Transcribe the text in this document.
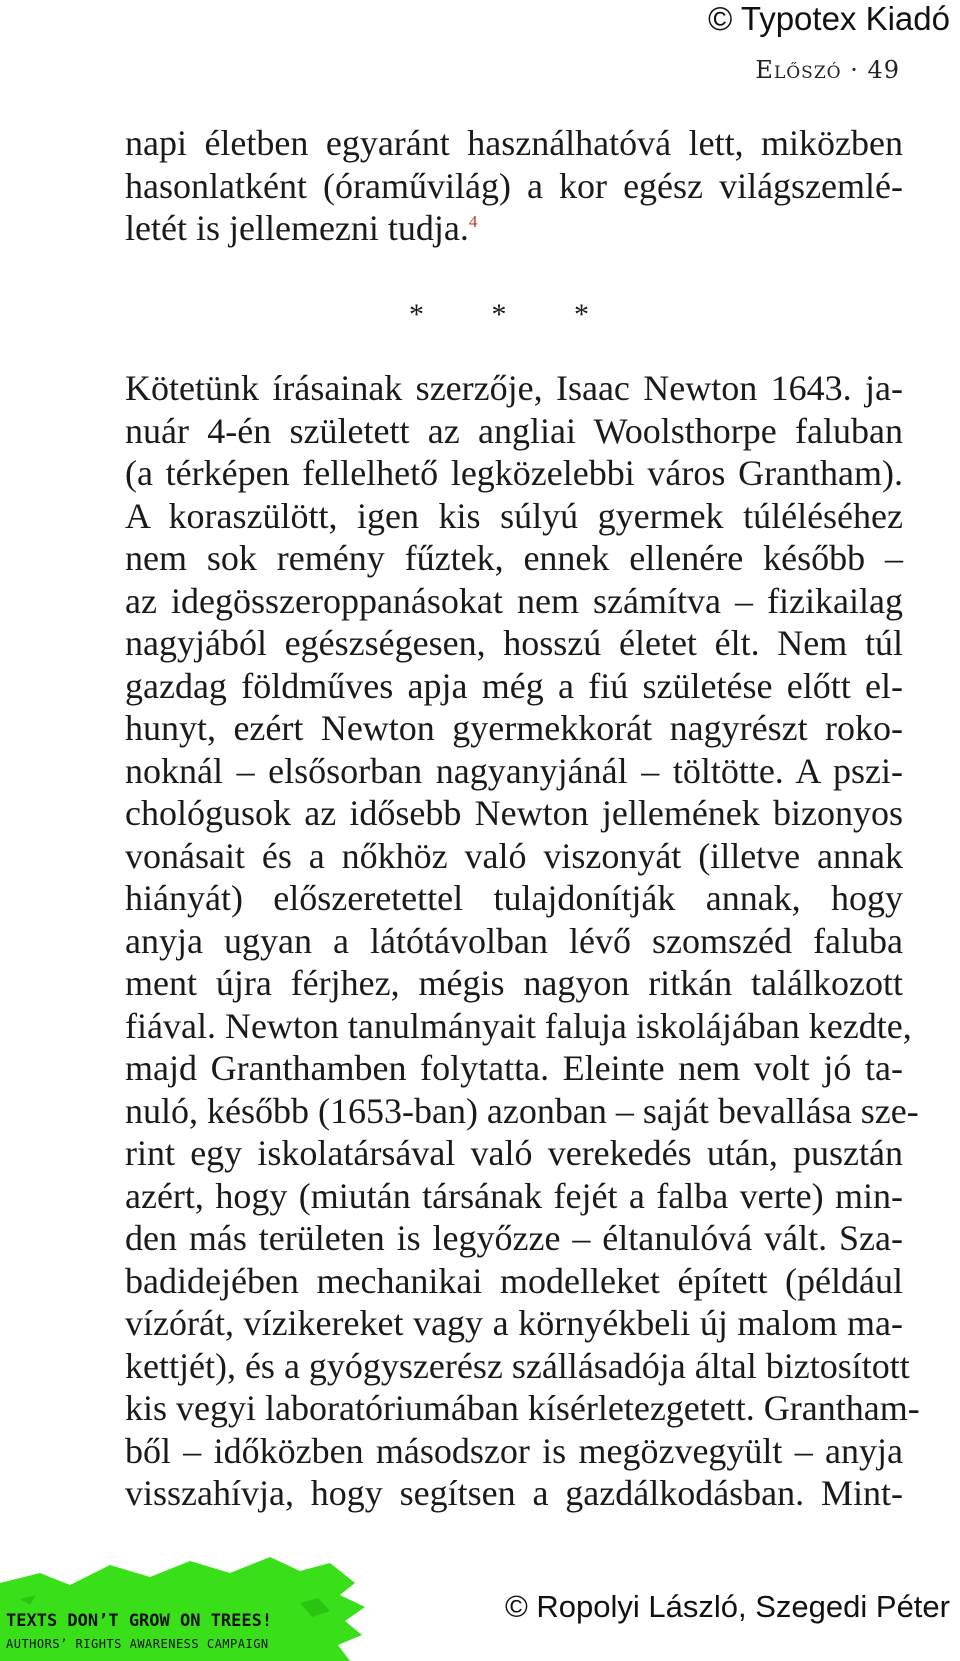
© Typotex Kiadó
Előszó · 49
napi életben egyaránt használhatóvá lett, miközben
hasonlatként (óraművilág) a kor egész világszemlé-
letét is jellemezni tudja.$^4$
* * *
Kötetünk írásainak szerzője, Isaac Newton 1643. ja-
nuár 4-én született az angliai Woolsthorpe faluban
(a térképen fellelhető legközelebbi város Grantham).
A koraszülött, igen kis súlyú gyermek túléléséhez
nem sok remény fűztek, ennek ellenére később –
az idegösszeroppanásokat nem számítva – fizikailag
nagyjából egészségesen, hosszú életet élt. Nem túl
gazdag földműves apja még a fiú születése előtt el-
hunyt, ezért Newton gyermekkorát nagyrészt roko-
noknál – elsősorban nagyanyjánál – töltötte. A pszi-
chológusok az idősebb Newton jellemének bizonyos
vonásait és a nőkhöz való viszonyát (illetve annak
hiányát) előszeretettel tulajdonítják annak, hogy
anyja ugyan a látótávolban lévő szomszéd faluba
ment újra férjhez, mégis nagyon ritkán találkozott
fiával. Newton tanulmányait faluja iskolájában kezdte,
majd Granthamben folytatta. Eleinte nem volt jó ta-
nuló, később (1653-ban) azonban – saját bevallása sze-
rint egy iskolatársával való verekedés után, pusztán
azért, hogy (miután társának fejét a falba verte) min-
den más területen is legyőzze – éltanulóvá vált. Sza-
badidejében mechanikai modelleket épített (például
vízórát, vízikereket vagy a környékbeli új malom ma-
kettjét), és a gyógyszerész szállásadója által biztosított
kis vegyi laboratóriumában kísérletezgetett. Grantham-
ből – időközben másodszor is megözvegyült – anyja
visszahívja, hogy segítsen a gazdálkodásban. Mint-
© Ropolyi László, Szegedi Péter
TEXTS DON’T GROW ON TREES!
AUTHORS’ RIGHTS AWARENESS CAMPAIGN
